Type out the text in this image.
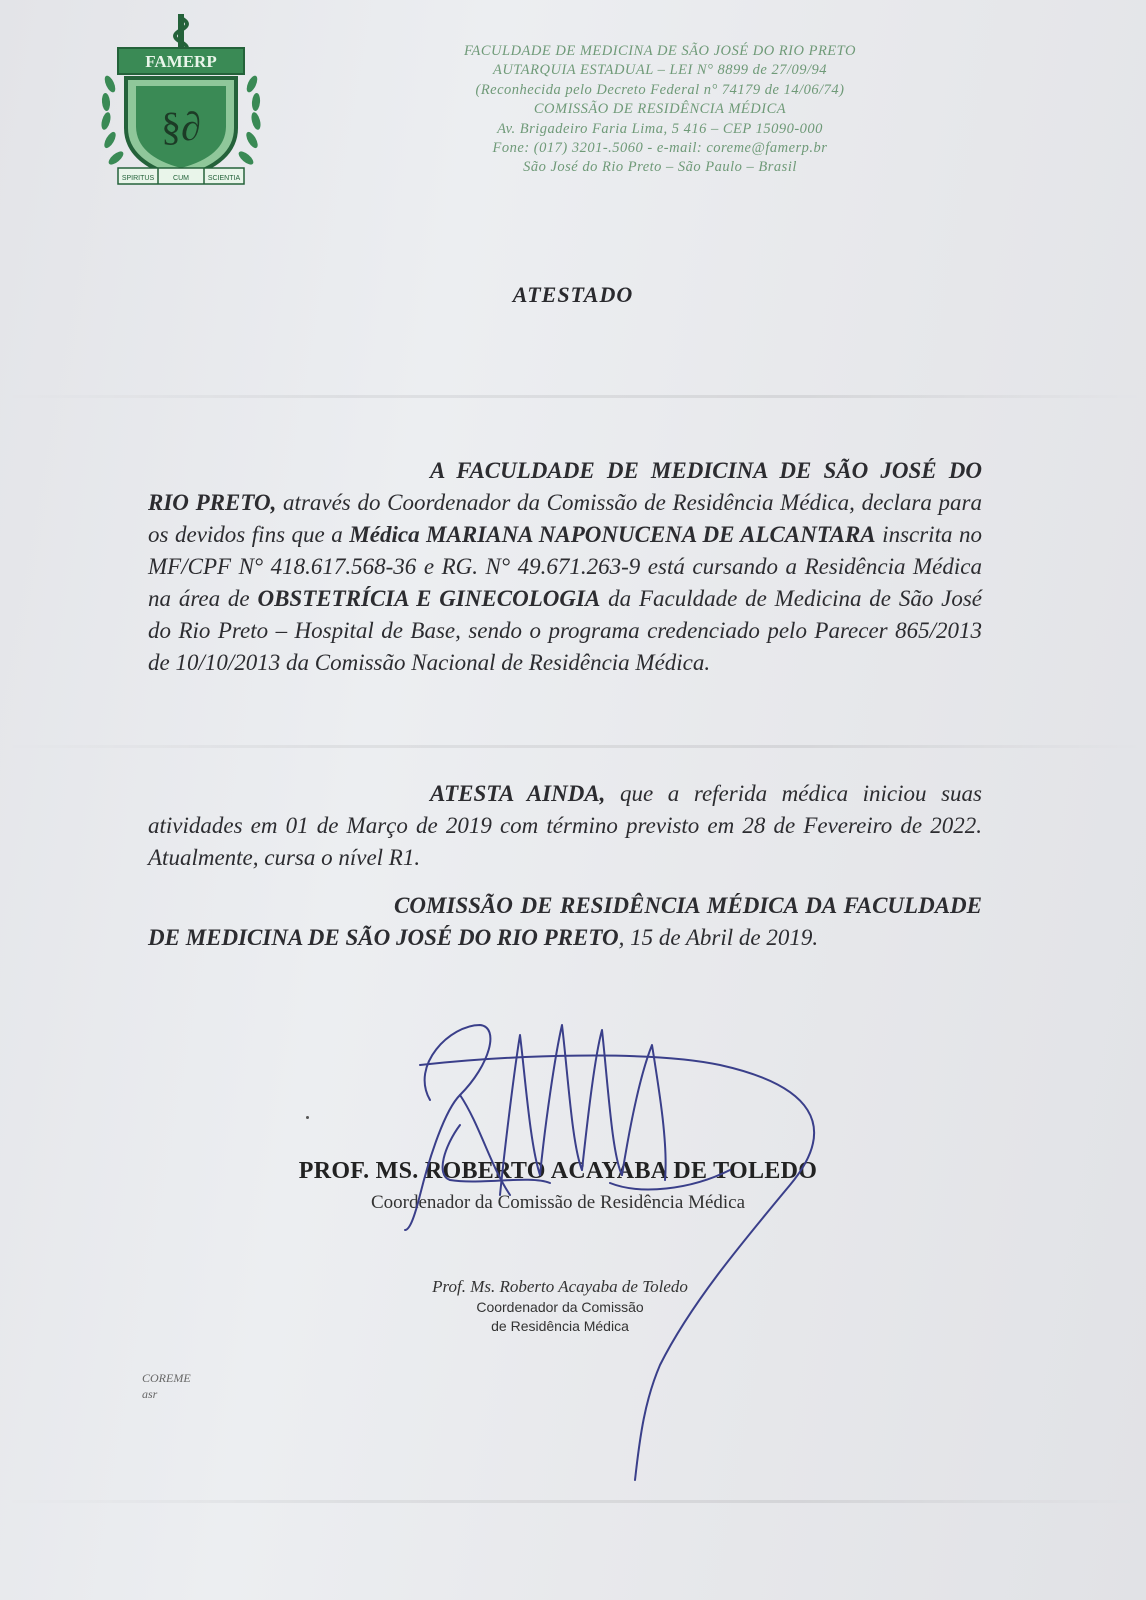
FAMERP
§∂
SPIRITUS	CUM	SCIENTIA
FACULDADE DE MEDICINA DE SÃO JOSÉ DO RIO PRETO
AUTARQUIA ESTADUAL – LEI N° 8899 de 27/09/94
(Reconhecida pelo Decreto Federal n° 74179 de 14/06/74)
COMISSÃO DE RESIDÊNCIA MÉDICA
Av. Brigadeiro Faria Lima, 5 416 – CEP 15090-000
Fone: (017) 3201-.5060 - e-mail: coreme@famerp.br
São José do Rio Preto – São Paulo – Brasil
ATESTADO
A FACULDADE DE MEDICINA DE SÃO JOSÉ DO RIO PRETO, através do Coordenador da Comissão de Residência Médica, declara para os devidos fins que a Médica MARIANA NAPONUCENA DE ALCANTARA inscrita no MF/CPF N° 418.617.568-36 e RG. N° 49.671.263-9 está cursando a Residência Médica na área de OBSTETRÍCIA E GINECOLOGIA da Faculdade de Medicina de São José do Rio Preto – Hospital de Base, sendo o programa credenciado pelo Parecer 865/2013 de 10/10/2013 da Comissão Nacional de Residência Médica.
ATESTA AINDA, que a referida médica iniciou suas atividades em 01 de Março de 2019 com término previsto em 28 de Fevereiro de 2022. Atualmente, cursa o nível R1.
COMISSÃO DE RESIDÊNCIA MÉDICA DA FACULDADE DE MEDICINA DE SÃO JOSÉ DO RIO PRETO, 15 de Abril de 2019.
PROF. MS. ROBERTO ACAYABA DE TOLEDO
Coordenador da Comissão de Residência Médica
Prof. Ms. Roberto Acayaba de Toledo
Coordenador da Comissão
de Residência Médica
COREME
asr
